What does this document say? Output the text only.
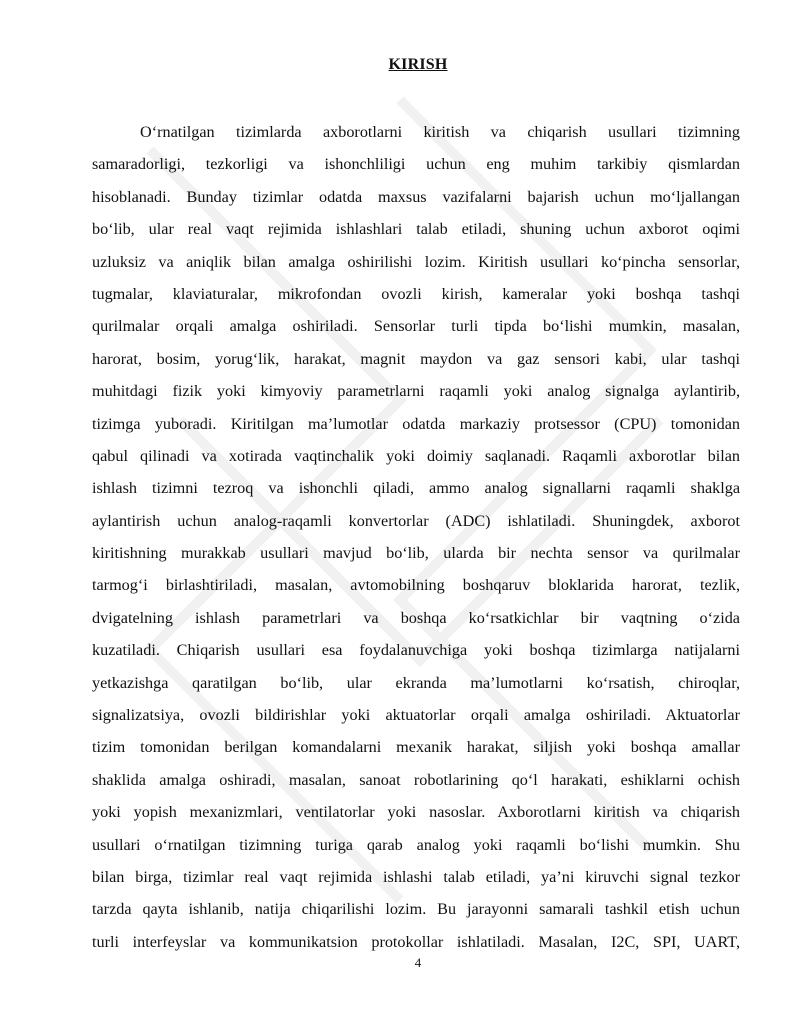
KIRISH
O‘rnatilgan tizimlarda axborotlarni kiritish va chiqarish usullari tizimning
samaradorligi, tezkorligi va ishonchliligi uchun eng muhim tarkibiy qismlardan
hisoblanadi. Bunday tizimlar odatda maxsus vazifalarni bajarish uchun mo‘ljallangan
bo‘lib, ular real vaqt rejimida ishlashlari talab etiladi, shuning uchun axborot oqimi
uzluksiz va aniqlik bilan amalga oshirilishi lozim. Kiritish usullari ko‘pincha sensorlar,
tugmalar, klaviaturalar, mikrofondan ovozli kirish, kameralar yoki boshqa tashqi
qurilmalar orqali amalga oshiriladi. Sensorlar turli tipda bo‘lishi mumkin, masalan,
harorat, bosim, yorug‘lik, harakat, magnit maydon va gaz sensori kabi, ular tashqi
muhitdagi fizik yoki kimyoviy parametrlarni raqamli yoki analog signalga aylantirib,
tizimga yuboradi. Kiritilgan ma’lumotlar odatda markaziy protsessor (CPU) tomonidan
qabul qilinadi va xotirada vaqtinchalik yoki doimiy saqlanadi. Raqamli axborotlar bilan
ishlash tizimni tezroq va ishonchli qiladi, ammo analog signallarni raqamli shaklga
aylantirish uchun analog-raqamli konvertorlar (ADC) ishlatiladi. Shuningdek, axborot
kiritishning murakkab usullari mavjud bo‘lib, ularda bir nechta sensor va qurilmalar
tarmog‘i birlashtiriladi, masalan, avtomobilning boshqaruv bloklarida harorat, tezlik,
dvigatelning ishlash parametrlari va boshqa ko‘rsatkichlar bir vaqtning o‘zida
kuzatiladi. Chiqarish usullari esa foydalanuvchiga yoki boshqa tizimlarga natijalarni
yetkazishga qaratilgan bo‘lib, ular ekranda ma’lumotlarni ko‘rsatish, chiroqlar,
signalizatsiya, ovozli bildirishlar yoki aktuatorlar orqali amalga oshiriladi. Aktuatorlar
tizim tomonidan berilgan komandalarni mexanik harakat, siljish yoki boshqa amallar
shaklida amalga oshiradi, masalan, sanoat robotlarining qo‘l harakati, eshiklarni ochish
yoki yopish mexanizmlari, ventilatorlar yoki nasoslar. Axborotlarni kiritish va chiqarish
usullari o‘rnatilgan tizimning turiga qarab analog yoki raqamli bo‘lishi mumkin. Shu
bilan birga, tizimlar real vaqt rejimida ishlashi talab etiladi, ya’ni kiruvchi signal tezkor
tarzda qayta ishlanib, natija chiqarilishi lozim. Bu jarayonni samarali tashkil etish uchun
turli interfeyslar va kommunikatsion protokollar ishlatiladi. Masalan, I2C, SPI, UART,

4
